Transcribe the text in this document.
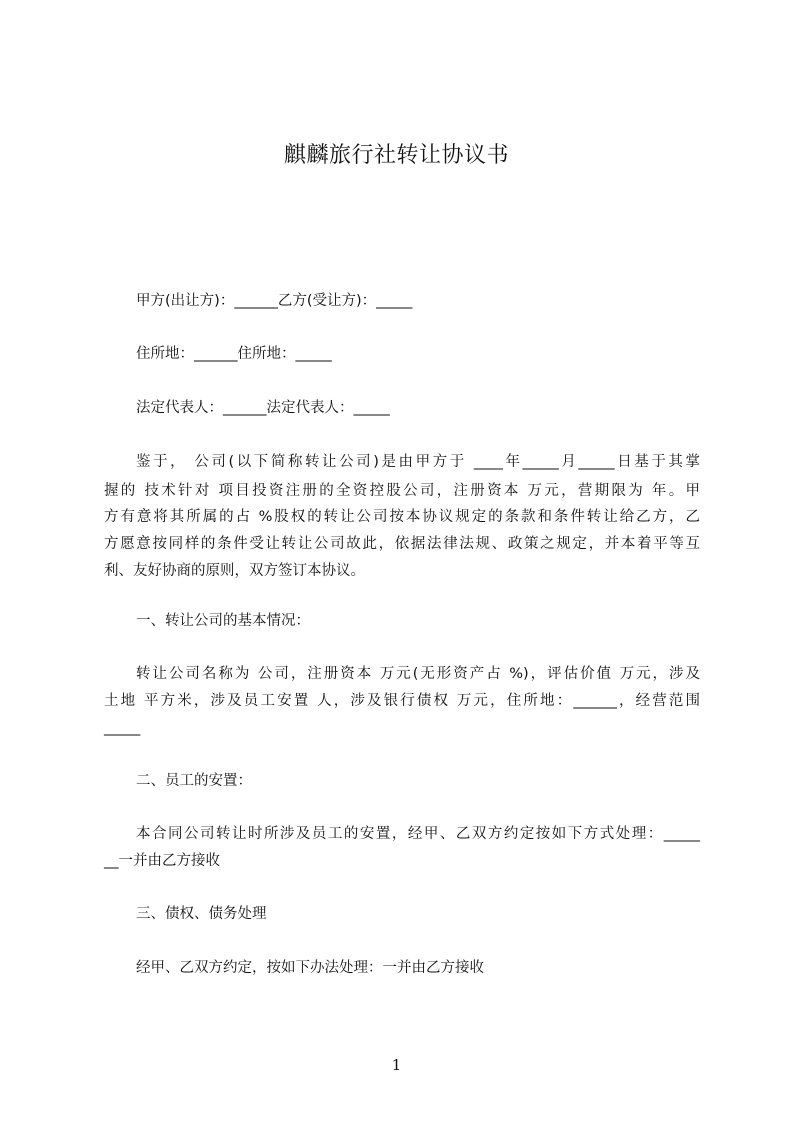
麒麟旅行社转让协议书
甲方(出让方)：______乙方(受让方)：_____
住所地：______住所地：_____
法定代表人：______法定代表人：_____
鉴于， 公司(以下简称转让公司)是由甲方于 ____年_____月_____日基于其掌
握的 技术针对 项目投资注册的全资控股公司，注册资本 万元，营期限为 年。甲
方有意将其所属的占 %股权的转让公司按本协议规定的条款和条件转让给乙方，乙
方愿意按同样的条件受让转让公司故此，依据法律法规、政策之规定，并本着平等互
利、友好协商的原则，双方签订本协议。
一、转让公司的基本情况：
转让公司名称为 公司，注册资本 万元(无形资产占 %)，评估价值 万元，涉及
土地 平方米，涉及员工安置 人，涉及银行债权 万元，住所地：______，经营范围
_____
二、员工的安置：
本合同公司转让时所涉及员工的安置，经甲、乙双方约定按如下方式处理：_____
__一并由乙方接收
三、债权、债务处理
经甲、乙双方约定，按如下办法处理：一并由乙方接收
1
